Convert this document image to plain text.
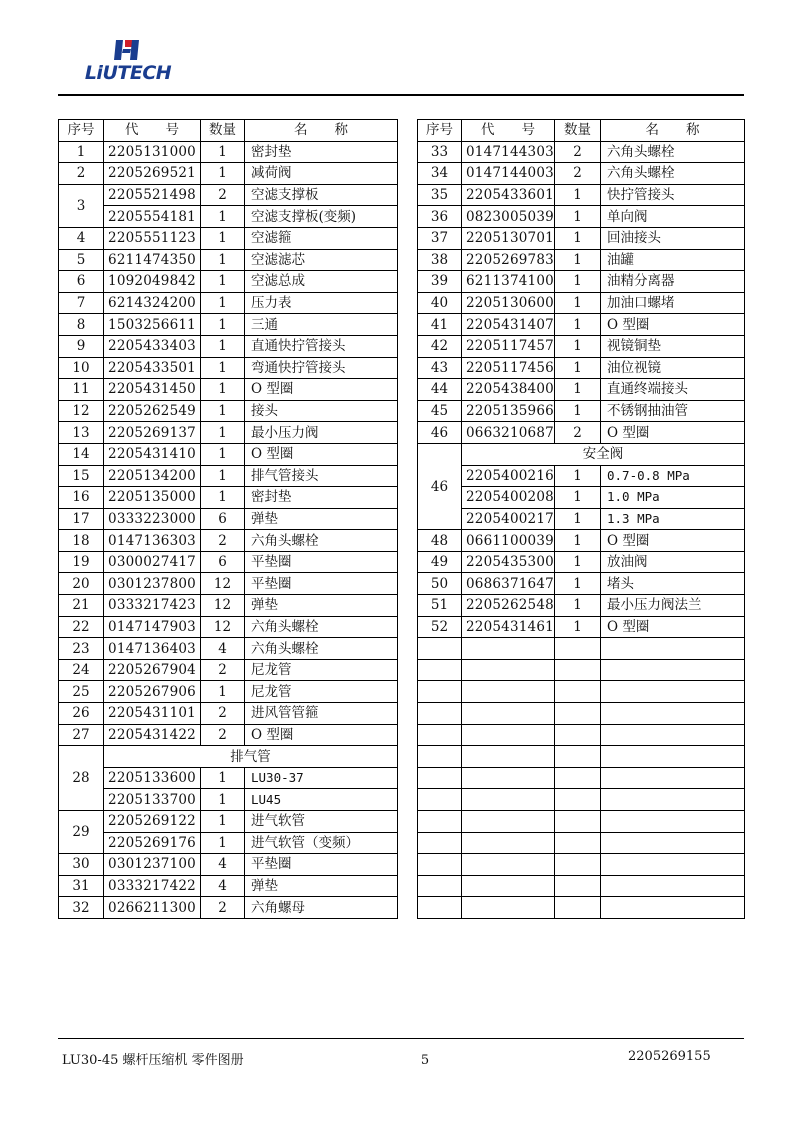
LiUTECH
序号	代　　号	数量	名　　称
1	2205131000	1	密封垫
2	2205269521	1	减荷阀
3	2205521498	2	空滤支撑板
	2205554181	1	空滤支撑板(变频)
4	2205551123	1	空滤箍
5	6211474350	1	空滤滤芯
6	1092049842	1	空滤总成
7	6214324200	1	压力表
8	1503256611	1	三通
9	2205433403	1	直通快拧管接头
10	2205433501	1	弯通快拧管接头
11	2205431450	1	O 型圈
12	2205262549	1	接头
13	2205269137	1	最小压力阀
14	2205431410	1	O 型圈
15	2205134200	1	排气管接头
16	2205135000	1	密封垫
17	0333223000	6	弹垫
18	0147136303	2	六角头螺栓
19	0300027417	6	平垫圈
20	0301237800	12	平垫圈
21	0333217423	12	弹垫
22	0147147903	12	六角头螺栓
23	0147136403	4	六角头螺栓
24	2205267904	2	尼龙管
25	2205267906	1	尼龙管
26	2205431101	2	进风管管箍
27	2205431422	2	O 型圈
28	排气管		
	2205133600	1	LU30-37
	2205133700	1	LU45
29	2205269122	1	进气软管
	2205269176	1	进气软管（变频）
30	0301237100	4	平垫圈
31	0333217422	4	弹垫
32	0266211300	2	六角螺母
序号	代　　号	数量	名　　称
33	0147144303	2	六角头螺栓
34	0147144003	2	六角头螺栓
35	2205433601	1	快拧管接头
36	0823005039	1	单向阀
37	2205130701	1	回油接头
38	2205269783	1	油罐
39	6211374100	1	油精分离器
40	2205130600	1	加油口螺堵
41	2205431407	1	O 型圈
42	2205117457	1	视镜铜垫
43	2205117456	1	油位视镜
44	2205438400	1	直通终端接头
45	2205135966	1	不锈钢抽油管
46	0663210687	2	O 型圈
46	安全阀		
	2205400216	1	0.7-0.8 MPa
	2205400208	1	1.0 MPa
	2205400217	1	1.3 MPa
48	0661100039	1	O 型圈
49	2205435300	1	放油阀
50	0686371647	1	堵头
51	2205262548	1	最小压力阀法兰
52	2205431461	1	O 型圈

LU30-45 螺杆压缩机 零件图册	5	2205269155
